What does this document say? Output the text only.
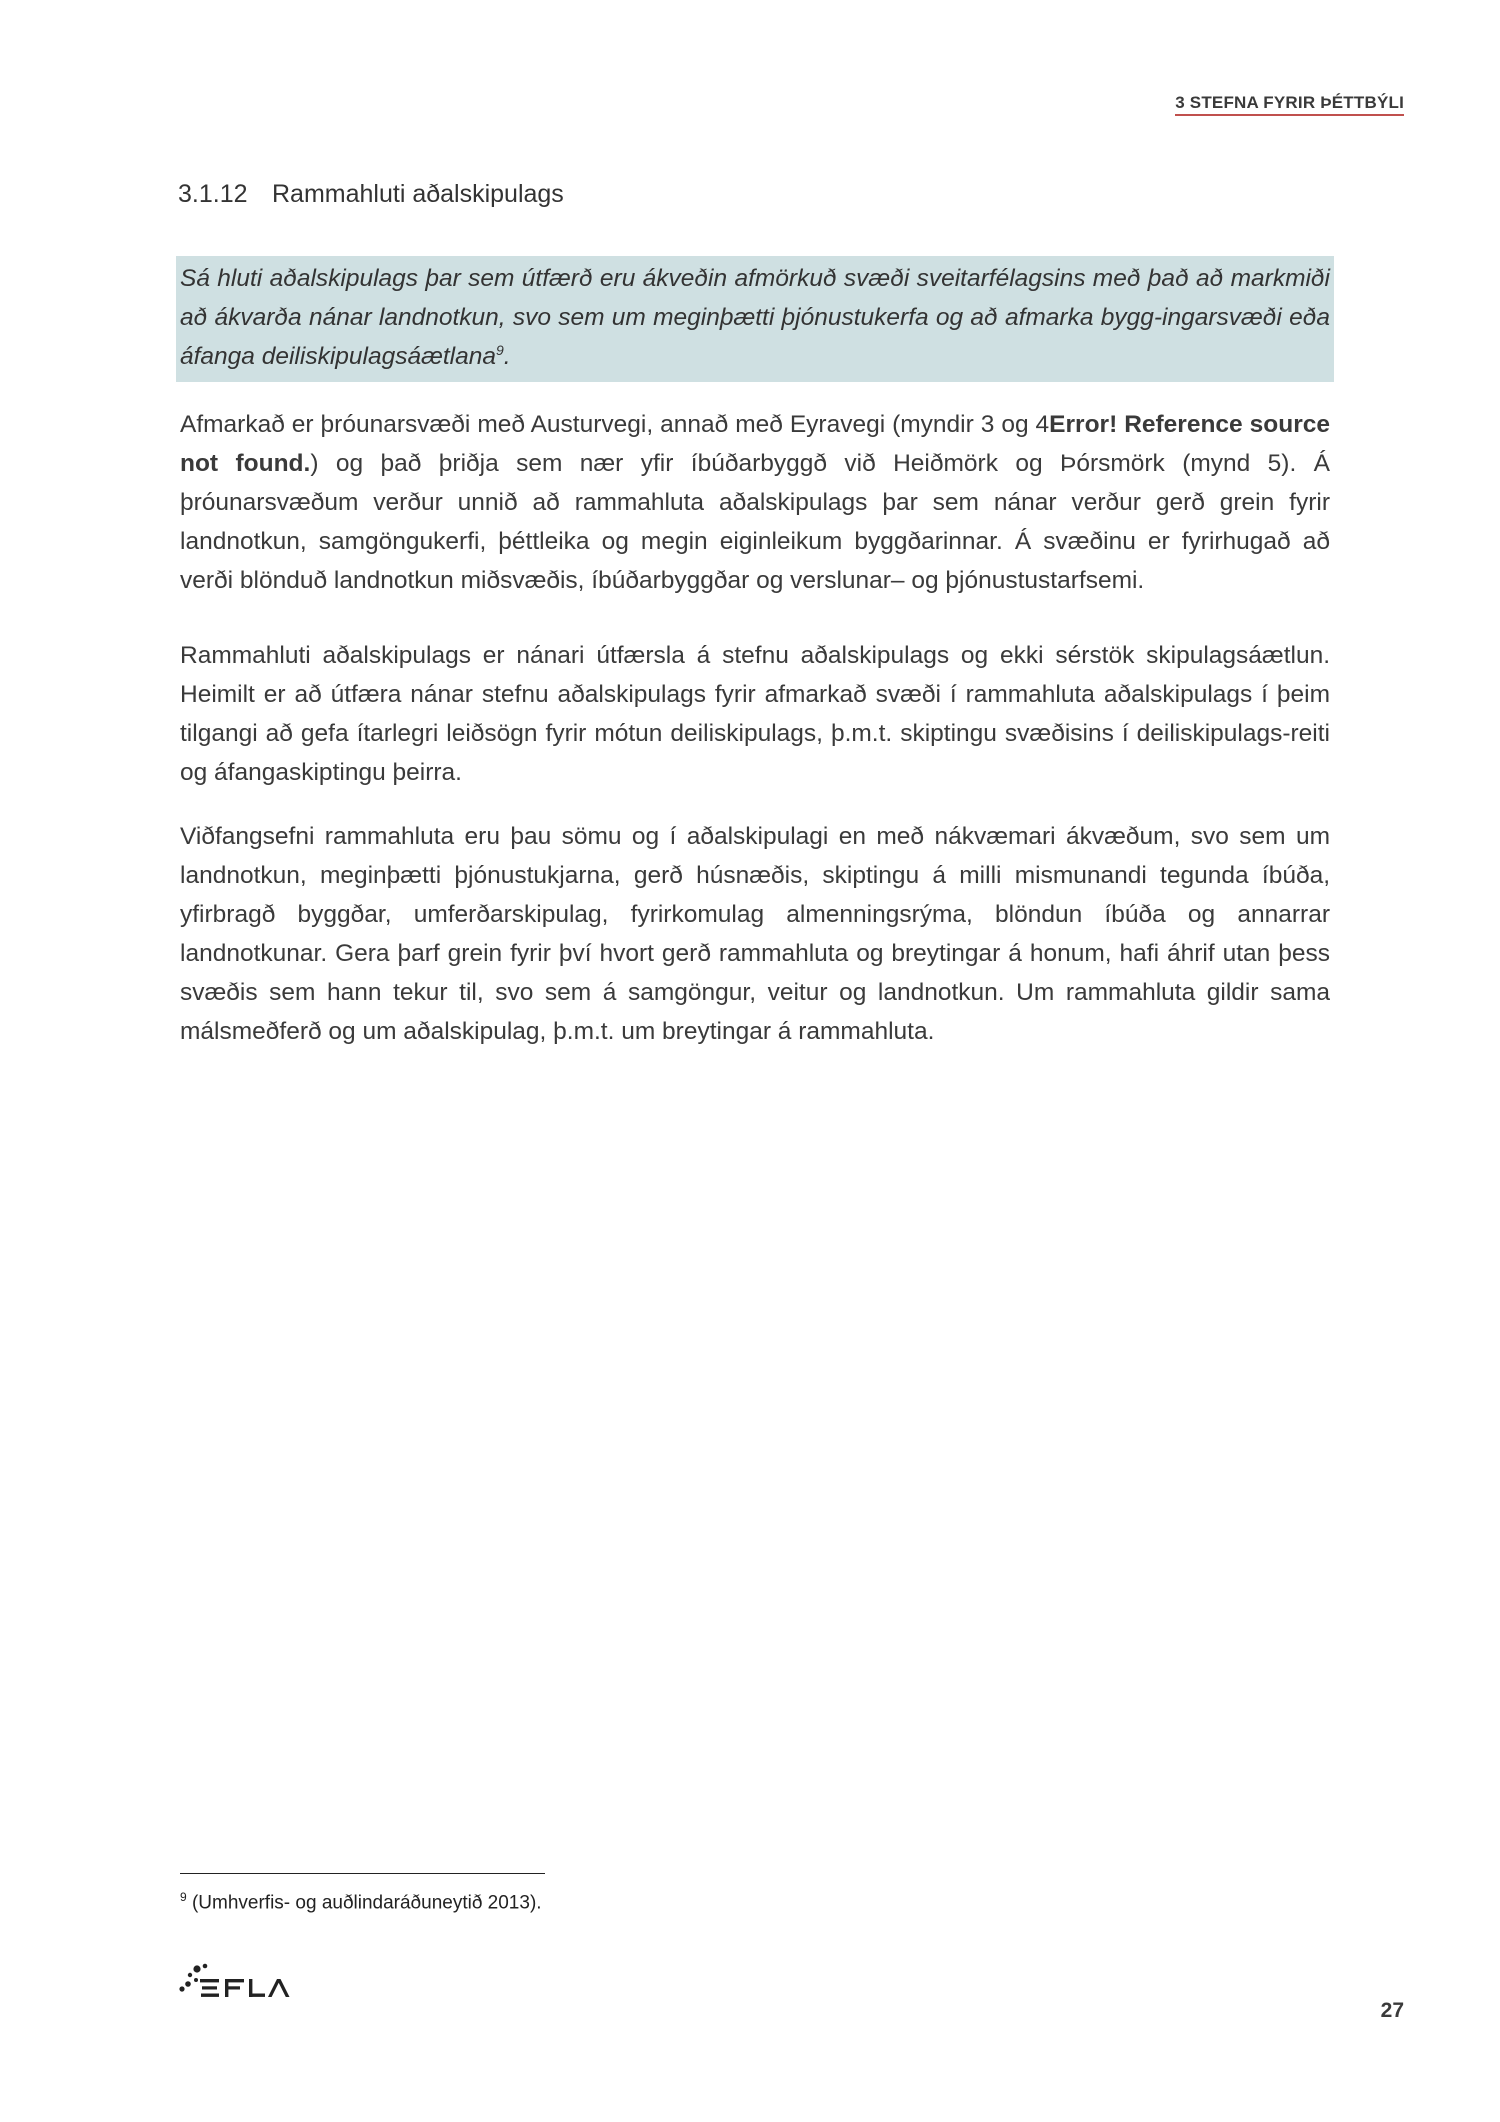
3 STEFNA FYRIR ÞÉTTBÝLI
3.1.12 Rammahluti aðalskipulags
Sá hluti aðalskipulags þar sem útfærð eru ákveðin afmörkuð svæði sveitarfélagsins með það að markmiði að ákvarða nánar landnotkun, svo sem um meginþætti þjónustukerfa og að afmarka bygg-ingarsvæði eða áfanga deiliskipulagsáætlana$^9$.

Afmarkað er þróunarsvæði með Austurvegi, annað með Eyravegi (myndir 3 og 4Error! Reference source not found.) og það þriðja sem nær yfir íbúðarbyggð við Heiðmörk og Þórsmörk (mynd 5). Á þróunarsvæðum verður unnið að rammahluta aðalskipulags þar sem nánar verður gerð grein fyrir landnotkun, samgöngukerfi, þéttleika og megin eiginleikum byggðarinnar. Á svæðinu er fyrirhugað að verði blönduð landnotkun miðsvæðis, íbúðarbyggðar og verslunar– og þjónustustarfsemi.

Rammahluti aðalskipulags er nánari útfærsla á stefnu aðalskipulags og ekki sérstök skipulagsáætlun. Heimilt er að útfæra nánar stefnu aðalskipulags fyrir afmarkað svæði í rammahluta aðalskipulags í þeim tilgangi að gefa ítarlegri leiðsögn fyrir mótun deiliskipulags, þ.m.t. skiptingu svæðisins í deiliskipulags-reiti og áfangaskiptingu þeirra.

Viðfangsefni rammahluta eru þau sömu og í aðalskipulagi en með nákvæmari ákvæðum, svo sem um landnotkun, meginþætti þjónustukjarna, gerð húsnæðis, skiptingu á milli mismunandi tegunda íbúða, yfirbragð byggðar, umferðarskipulag, fyrirkomulag almenningsrýma, blöndun íbúða og annarrar landnotkunar. Gera þarf grein fyrir því hvort gerð rammahluta og breytingar á honum, hafi áhrif utan þess svæðis sem hann tekur til, svo sem á samgöngur, veitur og landnotkun. Um rammahluta gildir sama málsmeðferð og um aðalskipulag, þ.m.t. um breytingar á rammahluta.

$^9$ (Umhverfis- og auðlindaráðuneytið 2013).
27
